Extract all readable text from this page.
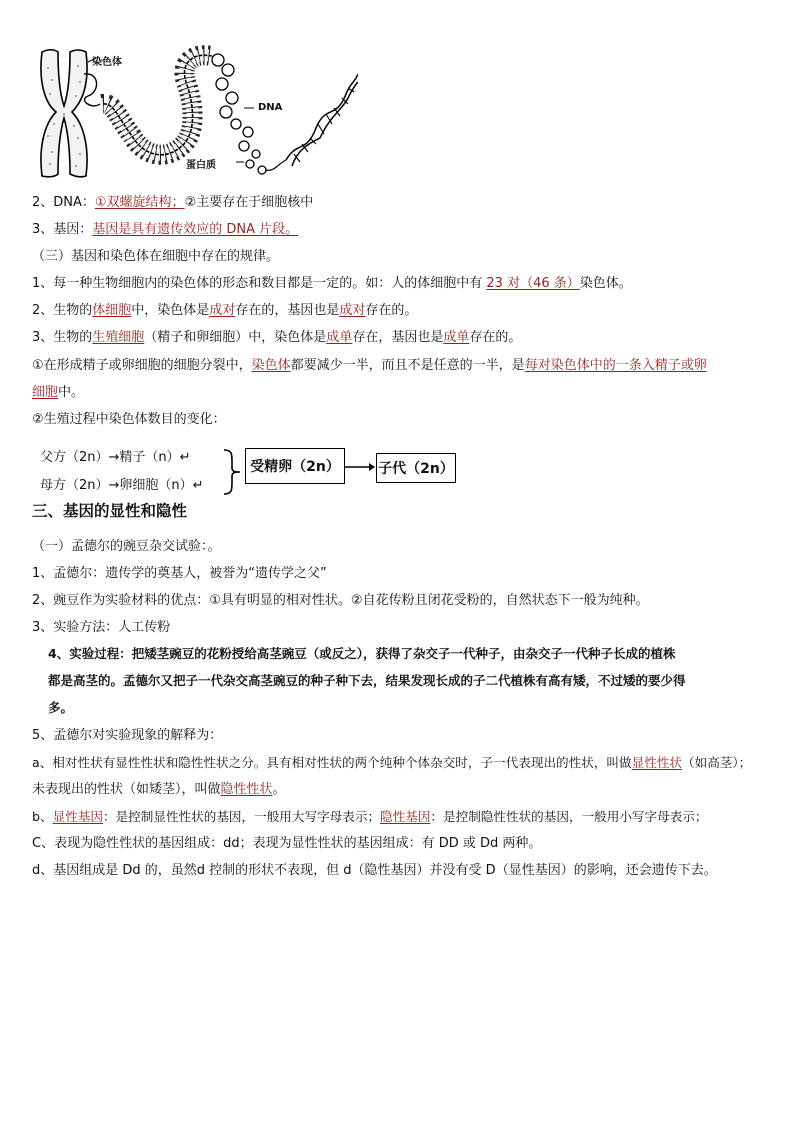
染色体
DNA
蛋白质
2、DNA：①双螺旋结构；②主要存在于细胞核中
3、基因：基因是具有遗传效应的 DNA 片段。
（三）基因和染色体在细胞中存在的规律。
1、每一种生物细胞内的染色体的形态和数目都是一定的。如：人的体细胞中有 23 对（46 条）染色体。
2、生物的体细胞中，染色体是成对存在的，基因也是成对存在的。
3、生物的生殖细胞（精子和卵细胞）中，染色体是成单存在，基因也是成单存在的。
①在形成精子或卵细胞的细胞分裂中，染色体都要减少一半，而且不是任意的一半，是每对染色体中的一条入精子或卵
细胞中。
②生殖过程中染色体数目的变化：
父方（2n）→精子（n）↵
母方（2n）→卵细胞（n）↵
受精卵（2n）	子代（2n）
三、基因的显性和隐性
（一）孟德尔的豌豆杂交试验：。
1、孟德尔：遗传学的奠基人，被誉为“遗传学之父”
2、豌豆作为实验材料的优点：①具有明显的相对性状。②自花传粉且闭花受粉的，自然状态下一般为纯种。
3、实验方法：人工传粉
4、实验过程：把矮茎豌豆的花粉授给高茎豌豆（或反之），获得了杂交子一代种子，由杂交子一代种子长成的植株
都是高茎的。孟德尔又把子一代杂交高茎豌豆的种子种下去，结果发现长成的子二代植株有高有矮，不过矮的要少得
多。
5、孟德尔对实验现象的解释为：
a、相对性状有显性性状和隐性性状之分。具有相对性状的两个纯种个体杂交时，子一代表现出的性状，叫做显性性状（如高茎）；
未表现出的性状（如矮茎），叫做隐性性状。
b、显性基因：是控制显性性状的基因，一般用大写字母表示；隐性基因：是控制隐性性状的基因，一般用小写字母表示；
C、表现为隐性性状的基因组成：dd；表现为显性性状的基因组成：有 DD 或 Dd 两种。
d、基因组成是 Dd 的，虽然d 控制的形状不表现，但 d（隐性基因）并没有受 D（显性基因）的影响，还会遗传下去。
